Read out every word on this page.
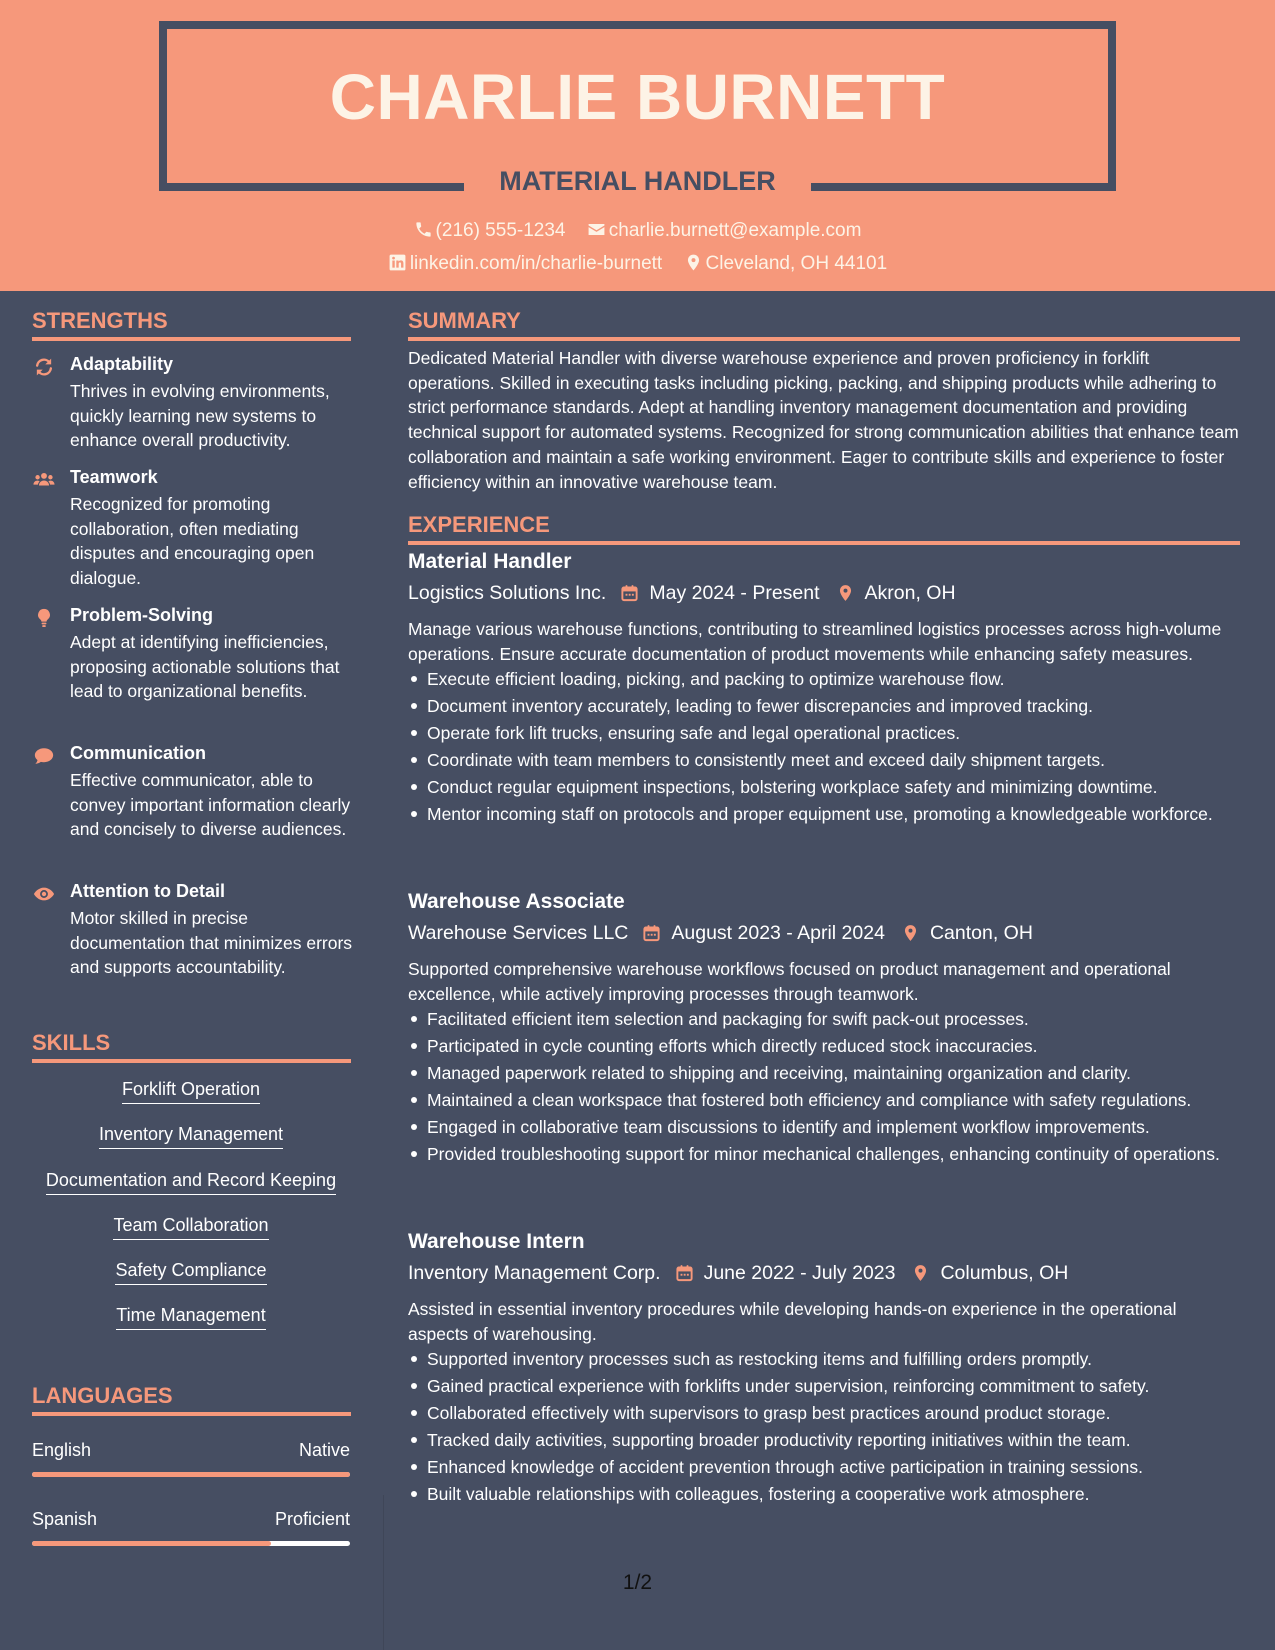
CHARLIE BURNETT
MATERIAL HANDLER
(216) 555-1234 charlie.burnett@example.com
linkedin.com/in/charlie-burnett Cleveland, OH 44101
STRENGTHS
Adaptability
Thrives in evolving environments, quickly learning new systems to enhance overall productivity.
Teamwork
Recognized for promoting collaboration, often mediating disputes and encouraging open dialogue.
Problem-Solving
Adept at identifying inefficiencies, proposing actionable solutions that lead to organizational benefits.
Communication
Effective communicator, able to convey important information clearly and concisely to diverse audiences.
Attention to Detail
Motor skilled in precise documentation that minimizes errors and supports accountability.
SKILLS
Forklift Operation
Inventory Management
Documentation and Record Keeping
Team Collaboration
Safety Compliance
Time Management
LANGUAGES
English	Native
Spanish	Proficient
SUMMARY
Dedicated Material Handler with diverse warehouse experience and proven proficiency in forklift operations. Skilled in executing tasks including picking, packing, and shipping products while adhering to strict performance standards. Adept at handling inventory management documentation and providing technical support for automated systems. Recognized for strong communication abilities that enhance team collaboration and maintain a safe working environment. Eager to contribute skills and experience to foster efficiency within an innovative warehouse team.
EXPERIENCE
Material Handler
Logistics Solutions Inc. May 2024 - Present Akron, OH
Manage various warehouse functions, contributing to streamlined logistics processes across high-volume operations. Ensure accurate documentation of product movements while enhancing safety measures.
Execute efficient loading, picking, and packing to optimize warehouse flow.
Document inventory accurately, leading to fewer discrepancies and improved tracking.
Operate fork lift trucks, ensuring safe and legal operational practices.
Coordinate with team members to consistently meet and exceed daily shipment targets.
Conduct regular equipment inspections, bolstering workplace safety and minimizing downtime.
Mentor incoming staff on protocols and proper equipment use, promoting a knowledgeable workforce.
Warehouse Associate
Warehouse Services LLC August 2023 - April 2024 Canton, OH
Supported comprehensive warehouse workflows focused on product management and operational excellence, while actively improving processes through teamwork.
Facilitated efficient item selection and packaging for swift pack-out processes.
Participated in cycle counting efforts which directly reduced stock inaccuracies.
Managed paperwork related to shipping and receiving, maintaining organization and clarity.
Maintained a clean workspace that fostered both efficiency and compliance with safety regulations.
Engaged in collaborative team discussions to identify and implement workflow improvements.
Provided troubleshooting support for minor mechanical challenges, enhancing continuity of operations.
Warehouse Intern
Inventory Management Corp. June 2022 - July 2023 Columbus, OH
Assisted in essential inventory procedures while developing hands-on experience in the operational aspects of warehousing.
Supported inventory processes such as restocking items and fulfilling orders promptly.
Gained practical experience with forklifts under supervision, reinforcing commitment to safety.
Collaborated effectively with supervisors to grasp best practices around product storage.
Tracked daily activities, supporting broader productivity reporting initiatives within the team.
Enhanced knowledge of accident prevention through active participation in training sessions.
Built valuable relationships with colleagues, fostering a cooperative work atmosphere.
1/2
